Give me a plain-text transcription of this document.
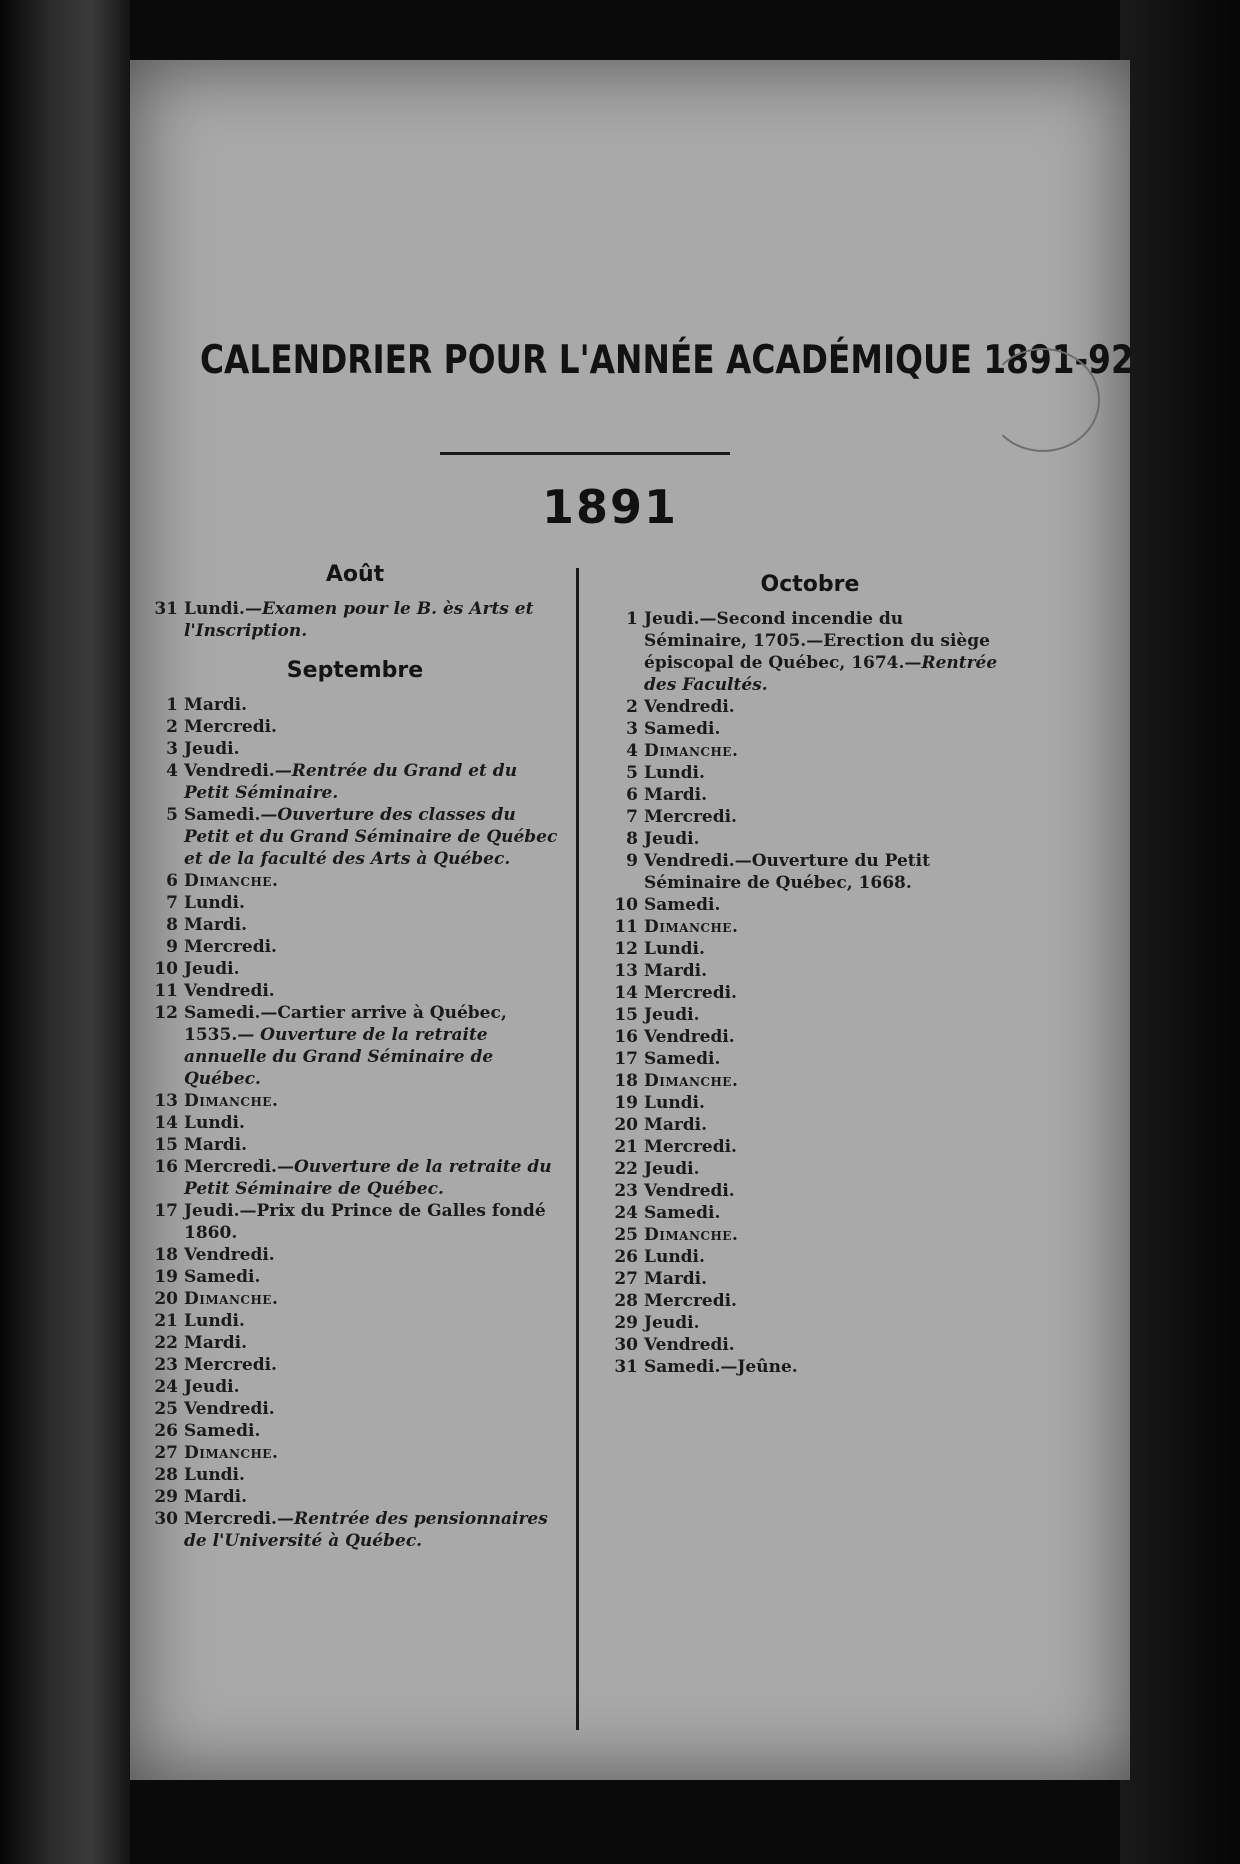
CALENDRIER POUR L'ANNÉE ACADÉMIQUE 1891-92
1891
Août
31 Lundi.—Examen pour le B. ès Arts et l'Inscription.
Septembre
1 Mardi.
2 Mercredi.
3 Jeudi.
4 Vendredi.—Rentrée du Grand et du Petit Séminaire.
5 Samedi.—Ouverture des classes du Petit et du Grand Séminaire de Québec et de la faculté des Arts à Québec.
6 Dimanche.
7 Lundi.
8 Mardi.
9 Mercredi.
10 Jeudi.
11 Vendredi.
12 Samedi.—Cartier arrive à Québec, 1535.— Ouverture de la retraite annuelle du Grand Séminaire de Québec.
13 Dimanche.
14 Lundi.
15 Mardi.
16 Mercredi.—Ouverture de la retraite du Petit Séminaire de Québec.
17 Jeudi.—Prix du Prince de Galles fondé 1860.
18 Vendredi.
19 Samedi.
20 Dimanche.
21 Lundi.
22 Mardi.
23 Mercredi.
24 Jeudi.
25 Vendredi.
26 Samedi.
27 Dimanche.
28 Lundi.
29 Mardi.
30 Mercredi.—Rentrée des pensionnaires de l'Université à Québec.
Octobre
1 Jeudi.—Second incendie du Séminaire, 1705.—Erection du siège épiscopal de Québec, 1674.—Rentrée des Facultés.
2 Vendredi.
3 Samedi.
4 Dimanche.
5 Lundi.
6 Mardi.
7 Mercredi.
8 Jeudi.
9 Vendredi.—Ouverture du Petit Séminaire de Québec, 1668.
10 Samedi.
11 Dimanche.
12 Lundi.
13 Mardi.
14 Mercredi.
15 Jeudi.
16 Vendredi.
17 Samedi.
18 Dimanche.
19 Lundi.
20 Mardi.
21 Mercredi.
22 Jeudi.
23 Vendredi.
24 Samedi.
25 Dimanche.
26 Lundi.
27 Mardi.
28 Mercredi.
29 Jeudi.
30 Vendredi.
31 Samedi.—Jeûne.
